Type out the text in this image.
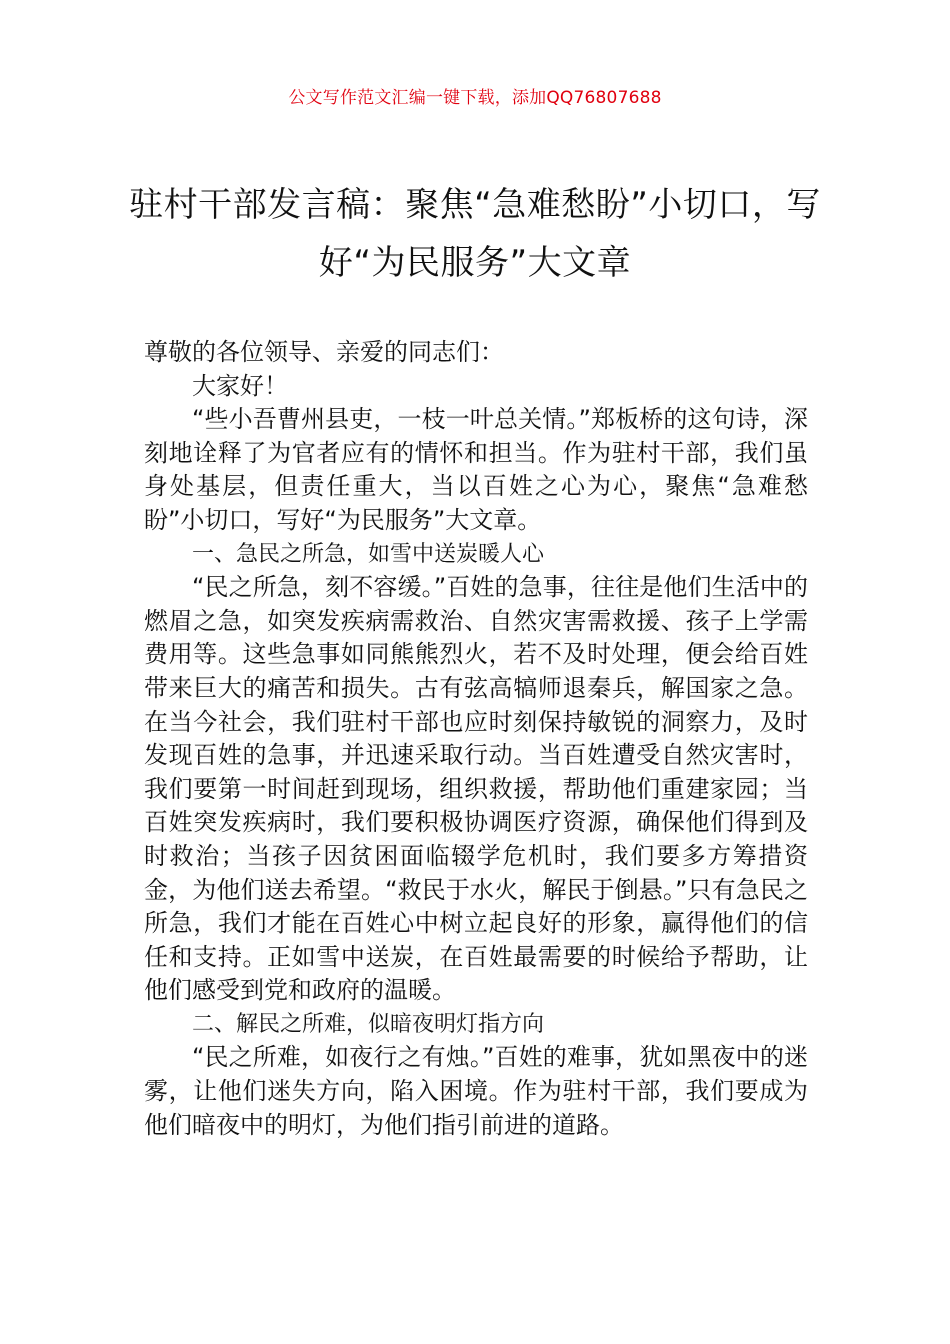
公文写作范文汇编一键下载，添加QQ76807688
驻村干部发言稿：聚焦“急难愁盼”小切口，写好“为民服务”大文章

尊敬的各位领导、亲爱的同志们：

大家好！

“些小吾曹州县吏，一枝一叶总关情。”郑板桥的这句诗，深刻地诠释了为官者应有的情怀和担当。作为驻村干部，我们虽身处基层，但责任重大，当以百姓之心为心，聚焦“急难愁盼”小切口，写好“为民服务”大文章。

一、急民之所急，如雪中送炭暖人心

“民之所急，刻不容缓。”百姓的急事，往往是他们生活中的燃眉之急，如突发疾病需救治、自然灾害需救援、孩子上学需费用等。这些急事如同熊熊烈火，若不及时处理，便会给百姓带来巨大的痛苦和损失。古有弦高犒师退秦兵，解国家之急。在当今社会，我们驻村干部也应时刻保持敏锐的洞察力，及时发现百姓的急事，并迅速采取行动。当百姓遭受自然灾害时，我们要第一时间赶到现场，组织救援，帮助他们重建家园；当百姓突发疾病时，我们要积极协调医疗资源，确保他们得到及时救治；当孩子因贫困面临辍学危机时，我们要多方筹措资金，为他们送去希望。“救民于水火，解民于倒悬。”只有急民之所急，我们才能在百姓心中树立起良好的形象，赢得他们的信任和支持。正如雪中送炭，在百姓最需要的时候给予帮助，让他们感受到党和政府的温暖。

二、解民之所难，似暗夜明灯指方向

“民之所难，如夜行之有烛。”百姓的难事，犹如黑夜中的迷雾，让他们迷失方向，陷入困境。作为驻村干部，我们要成为他们暗夜中的明灯，为他们指引前进的道路。
